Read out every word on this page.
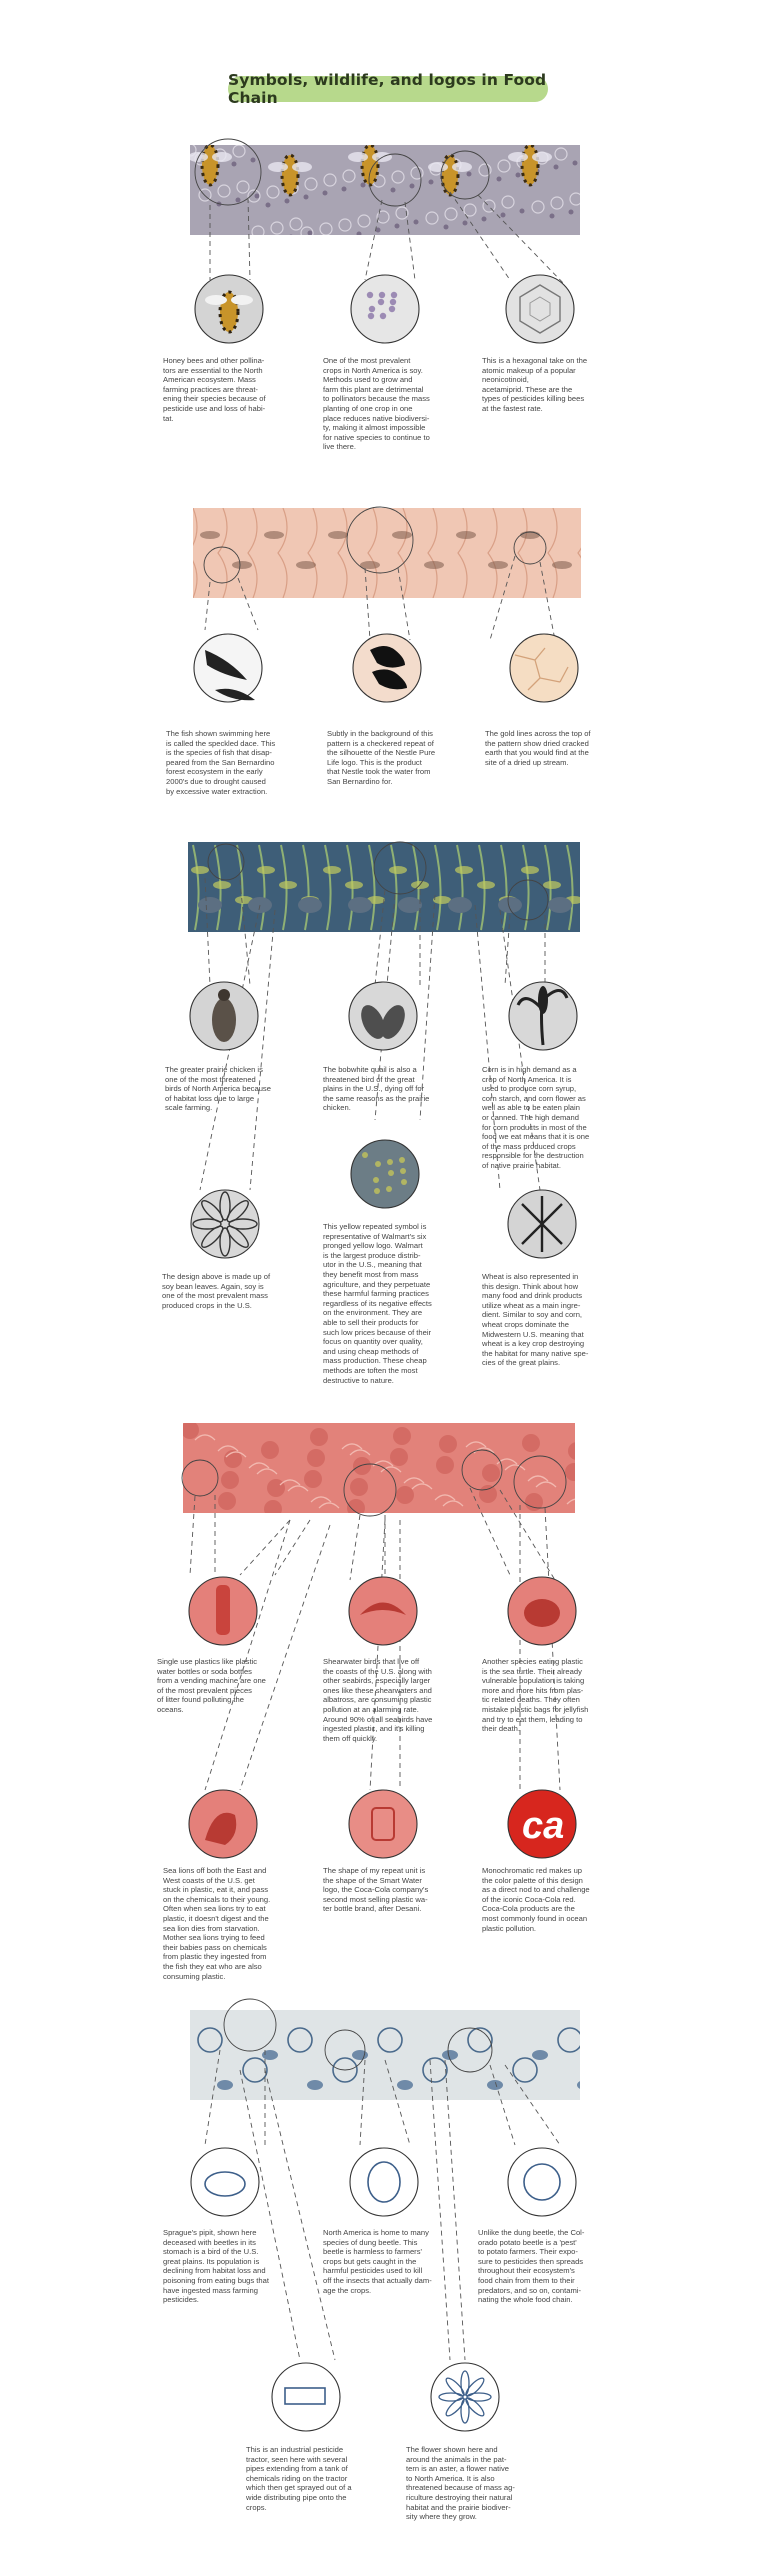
Symbols, wildlife, and logos in Food Chain
ca
Honey bees and other pollina-
tors are essential to the North
American ecosystem. Mass
farming practices are threat-
ening their species because of
pesticide use and loss of habi-
tat.
One of the most prevalent
crops in North America is soy.
Methods used to grow and
farm this plant are detrimental
to pollinators because the mass
planting of one crop in one
place reduces native biodiversi-
ty, making it almost impossible
for native species to continue to
live there.
This is a hexagonal take on the
atomic makeup of a popular
neonicotinoid,
acetamiprid. These are the
types of pesticides killing bees
at the fastest rate.
The fish shown swimming here
is called the speckled dace. This
is the species of fish that disap-
peared from the San Bernardino
forest ecosystem in the early
2000's due to drought caused
by excessive water extraction.
Subtly in the background of this
pattern is a checkered repeat of
the silhouette of the Nestle Pure
Life logo. This is the product
that Nestle took the water from
San Bernardino for.
The gold lines across the top of
the pattern show dried cracked
earth that you would find at the
site of a dried up stream.
The greater prairie chicken is
one of the most threatened
birds of North America because
of habitat loss due to large
scale farming.
The bobwhite quail is also a
threatened bird of the great
plains in the U.S., dying off for
the same reasons as the prairie
chicken.
Corn is in high demand as a
crop of North America. It is
used to produce corn syrup,
corn starch, and corn flower as
well as able to be eaten plain
or canned. The high demand
for corn products in most of the
food we eat means that it is one
of the mass produced crops
responsible for the destruction
of native prairie habitat.
The design above is made up of
soy bean leaves. Again, soy is
one of the most prevalent mass
produced crops in the U.S.
This yellow repeated symbol is
representative of Walmart's six
pronged yellow logo. Walmart
is the largest produce distrib-
utor in the U.S., meaning that
they benefit most from mass
agriculture, and they perpetuate
these harmful farming practices
regardless of its negative effects
on the environment. They are
able to sell their products for
such low prices because of their
focus on quantity over quality,
and using cheap methods of
mass production. These cheap
methods are toften the most
destructive to nature.
Wheat is also represented in
this design. Think about how
many food and drink products
utilize wheat as a main ingre-
dient. Similar to soy and corn,
wheat crops dominate the
Midwestern U.S. meaning that
wheat is a key crop destroying
the habitat for many native spe-
cies of the great plains.
Single use plastics like plastic
water bottles or soda bottles
from a vending machine are one
of the most prevalent pieces
of litter found polluting the
oceans.
Shearwater birds that live off
the coasts of the U.S. along with
other seabirds, especially larger
ones like these shearwaters and
albatross, are consuming plastic
pollution at an alarming rate.
Around 90% of all seabirds have
ingested plastic, and it's killing
them off quickly.
Another species eating plastic
is the sea turtle. Their already
vulnerable population is taking
more and more hits from plas-
tic related deaths. They often
mistake plastic bags for jellyfish
and try to eat them, leading to
their death.
Sea lions off both the East and
West coasts of the U.S. get
stuck in plastic, eat it, and pass
on the chemicals to their young.
Often when sea lions try to eat
plastic, it doesn't digest and the
sea lion dies from starvation.
Mother sea lions trying to feed
their babies pass on chemicals
from plastic they ingested from
the fish they eat who are also
consuming plastic.
The shape of my repeat unit is
the shape of the Smart Water
logo, the Coca-Cola company's
second most selling plastic wa-
ter bottle brand, after Desani.
Monochromatic red makes up
the color palette of this design
as a direct nod to and challenge
of the iconic Coca-Cola red.
Coca-Cola products are the
most commonly found in ocean
plastic pollution.
Sprague's pipit, shown here
deceased with beetles in its
stomach is a bird of the U.S.
great plains. Its population is
declining from habitat loss and
poisoning from eating bugs that
have ingested mass farming
pesticides.
North America is home to many
species of dung beetle. This
beetle is harmless to farmers'
crops but gets caught in the
harmful pesticides used to kill
off the insects that actually dam-
age the crops.
Unlike the dung beetle, the Col-
orado potato beetle is a 'pest'
to potato farmers. Their expo-
sure to pesticides then spreads
throughout their ecosystem's
food chain from them to their
predators, and so on, contami-
nating the whole food chain.
This is an industrial pesticide
tractor, seen here with several
pipes extending from a tank of
chemicals riding on the tractor
which then get sprayed out of a
wide distributing pipe onto the
crops.
The flower shown here and
around the animals in the pat-
tern is an aster, a flower native
to North America. It is also
threatened because of mass ag-
riculture destroying their natural
habitat and the prairie biodiver-
sity where they grow.
